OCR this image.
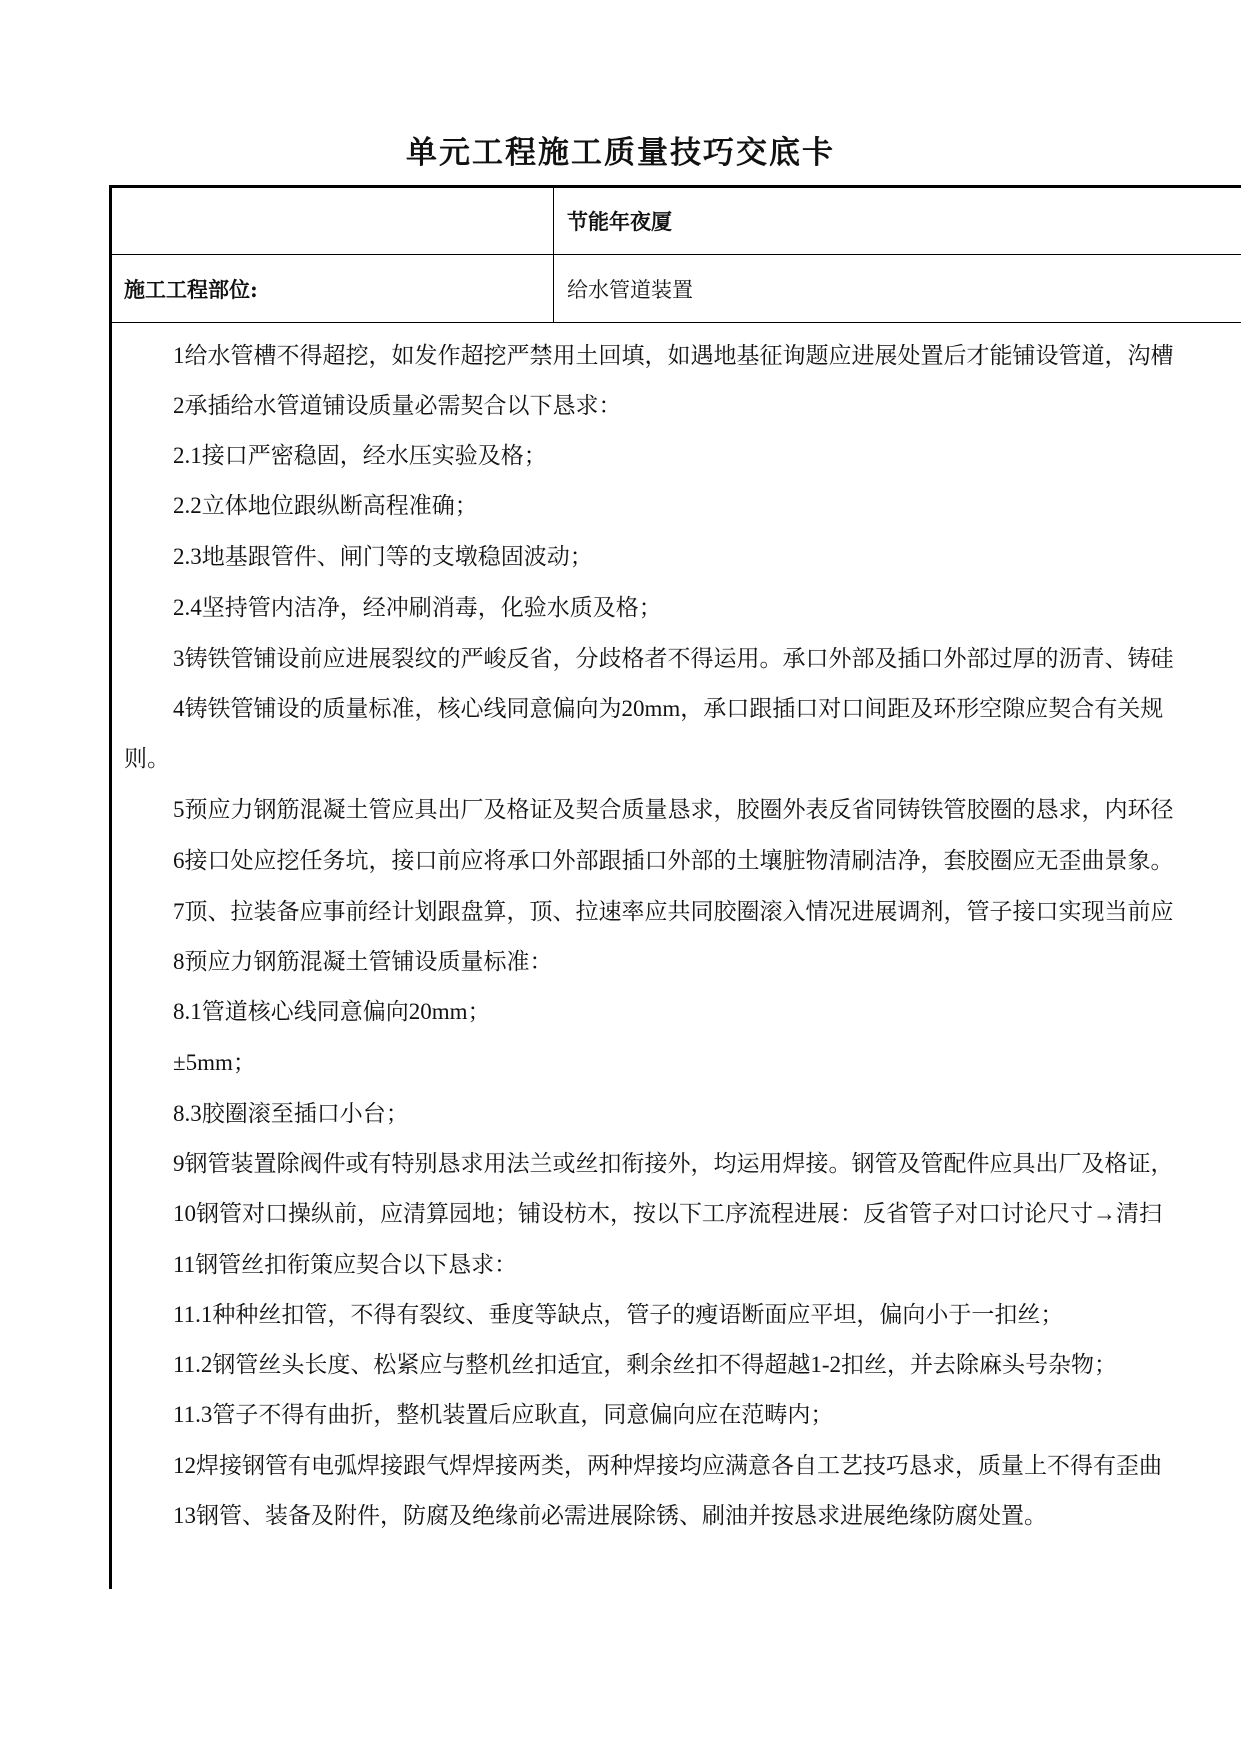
单元工程施工质量技巧交底卡
节能年夜厦
施工工程部位:	给水管道装置
1给水管槽不得超挖，如发作超挖严禁用土回填，如遇地基征询题应进展处置后才能铺设管道，沟槽
2承插给水管道铺设质量必需契合以下恳求：
2.1接口严密稳固，经水压实验及格；
2.2立体地位跟纵断高程准确；
2.3地基跟管件、闸门等的支墩稳固波动；
2.4坚持管内洁净，经冲刷消毒，化验水质及格；
3铸铁管铺设前应进展裂纹的严峻反省，分歧格者不得运用。承口外部及插口外部过厚的沥青、铸硅
4铸铁管铺设的质量标准，核心线同意偏向为20mm，承口跟插口对口间距及环形空隙应契合有关规
则。
5预应力钢筋混凝土管应具出厂及格证及契合质量恳求，胶圈外表反省同铸铁管胶圈的恳求，内环径
6接口处应挖任务坑，接口前应将承口外部跟插口外部的土壤脏物清刷洁净，套胶圈应无歪曲景象。
7顶、拉装备应事前经计划跟盘算，顶、拉速率应共同胶圈滚入情况进展调剂，管子接口实现当前应
8预应力钢筋混凝土管铺设质量标准：
8.1管道核心线同意偏向20mm；
±5mm；
8.3胶圈滚至插口小台；
9钢管装置除阀件或有特别恳求用法兰或丝扣衔接外，均运用焊接。钢管及管配件应具出厂及格证，
10钢管对口操纵前，应清算园地；铺设枋木，按以下工序流程进展：反省管子对口讨论尺寸→清扫
11钢管丝扣衔策应契合以下恳求：
11.1种种丝扣管，不得有裂纹、垂度等缺点，管子的瘦语断面应平坦，偏向小于一扣丝；
11.2钢管丝头长度、松紧应与整机丝扣适宜，剩余丝扣不得超越1-2扣丝，并去除麻头号杂物；
11.3管子不得有曲折，整机装置后应耿直，同意偏向应在范畴内；
12焊接钢管有电弧焊接跟气焊焊接两类，两种焊接均应满意各自工艺技巧恳求，质量上不得有歪曲
13钢管、装备及附件，防腐及绝缘前必需进展除锈、刷油并按恳求进展绝缘防腐处置。
